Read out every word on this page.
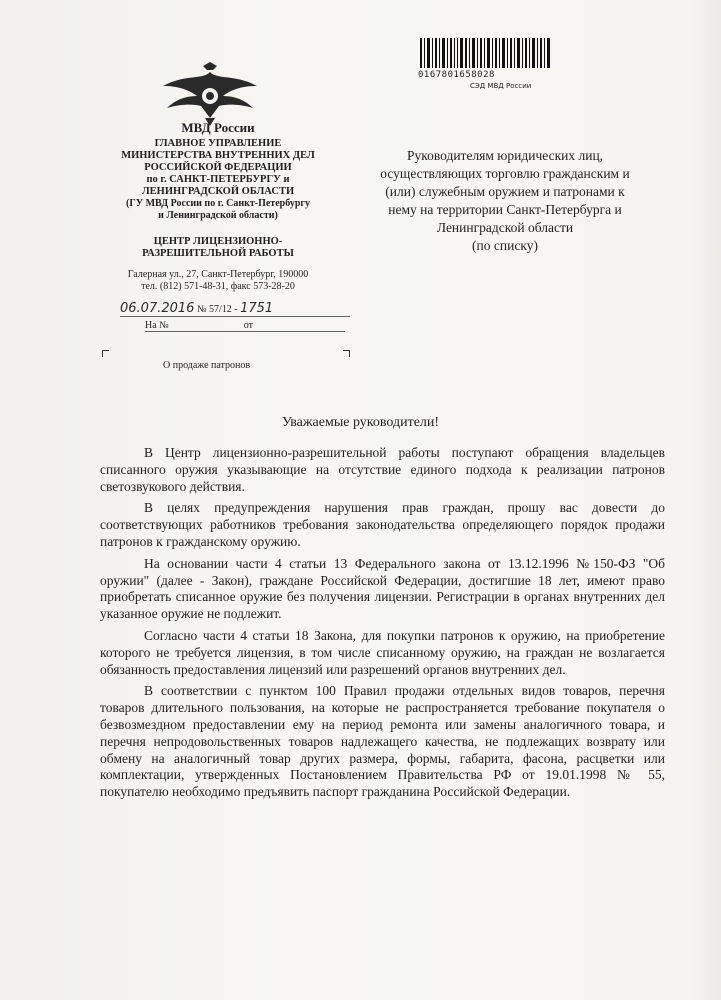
МВД России
ГЛАВНОЕ УПРАВЛЕНИЕ
МИНИСТЕРСТВА ВНУТРЕННИХ ДЕЛ
РОССИЙСКОЙ ФЕДЕРАЦИИ
по г. САНКТ-ПЕТЕРБУРГУ и
ЛЕНИНГРАДСКОЙ ОБЛАСТИ
(ГУ МВД России по г. Санкт-Петербургу
и Ленинградской области)
ЦЕНТР ЛИЦЕНЗИОННО-
РАЗРЕШИТЕЛЬНОЙ РАБОТЫ
Галерная ул., 27, Санкт-Петербург, 190000
тел. (812) 571-48-31, факс 573-28-20
06.07.2016 № 57/12 - 1751
На №	от
О продаже патронов
0167801658028
СЭД МВД России
Руководителям юридических лиц,
осуществляющих торговлю гражданским и
(или) служебным оружием и патронами к
нему на территории Санкт-Петербурга и
Ленинградской области
(по списку)
Уважаемые руководители!

В Центр лицензионно-разрешительной работы поступают обращения владельцев списанного оружия указывающие на отсутствие единого подхода к реализации патронов светозвукового действия.

В целях предупреждения нарушения прав граждан, прошу вас довести до соответствующих работников требования законодательства определяющего порядок продажи патронов к гражданскому оружию.

На основании части 4 статьи 13 Федерального закона от 13.12.1996 №150-ФЗ "Об оружии" (далее - Закон), граждане Российской Федерации, достигшие 18 лет, имеют право приобретать списанное оружие без получения лицензии. Регистрации в органах внутренних дел указанное оружие не подлежит.

Согласно части 4 статьи 18 Закона, для покупки патронов к оружию, на приобретение которого не требуется лицензия, в том числе списанному оружию, на граждан не возлагается обязанность предоставления лицензий или разрешений органов внутренних дел.

В соответствии с пунктом 100 Правил продажи отдельных видов товаров, перечня товаров длительного пользования, на которые не распространяется требование покупателя о безвозмездном предоставлении ему на период ремонта или замены аналогичного товара, и перечня непродовольственных товаров надлежащего качества, не подлежащих возврату или обмену на аналогичный товар других размера, формы, габарита, фасона, расцветки или комплектации, утвержденных Постановлением Правительства РФ от 19.01.1998 № 55, покупателю необходимо предъявить паспорт гражданина Российской Федерации.
